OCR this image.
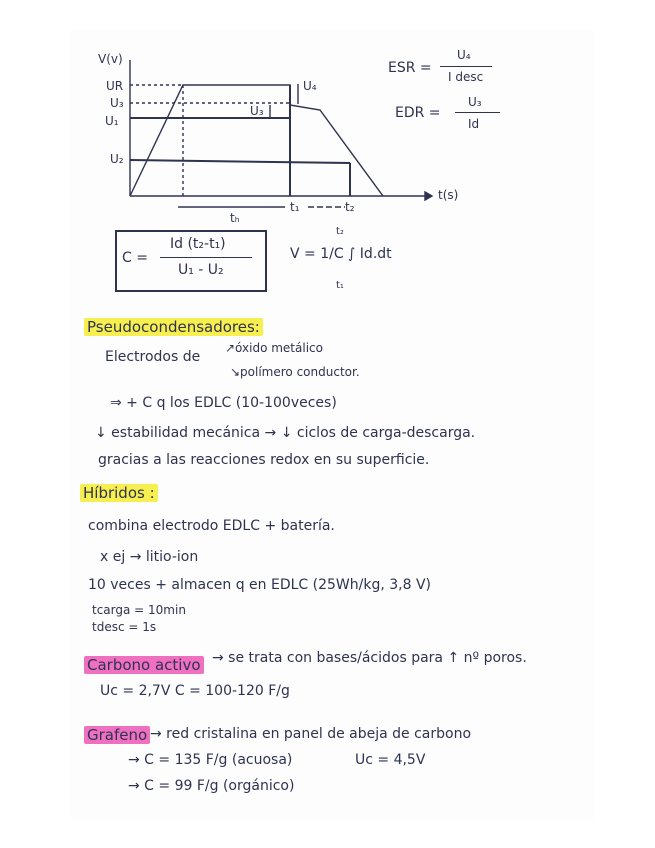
V(v)
UR
U₃
U₁
U₂
U₃
U₄
tₕ
t₁	t₂
t(s)
ESR =
U₄
I desc
EDR =
U₃
Id
C =
Id (t₂-t₁)
U₁ - U₂
V = 1/C ∫ Id.dt
t₂
t₁
Pseudocondensadores:
Electrodos de
↗óxido metálico
↘polímero conductor.
⇒ + C q los EDLC (10-100veces)
↓ estabilidad mecánica → ↓ ciclos de carga-descarga.
gracias a las reacciones redox en su superficie.
Híbridos :
combina electrodo EDLC + batería.
x ej → litio-ion
10 veces + almacen q en EDLC (25Wh/kg, 3,8 V)
tcarga = 10min
tdesc = 1s
Carbono activo → se trata con bases/ácidos para ↑ nº poros.
Uc = 2,7V C = 100-120 F/g
Grafeno → red cristalina en panel de abeja de carbono
→ C = 135 F/g (acuosa)	Uc = 4,5V
→ C = 99 F/g (orgánico)
